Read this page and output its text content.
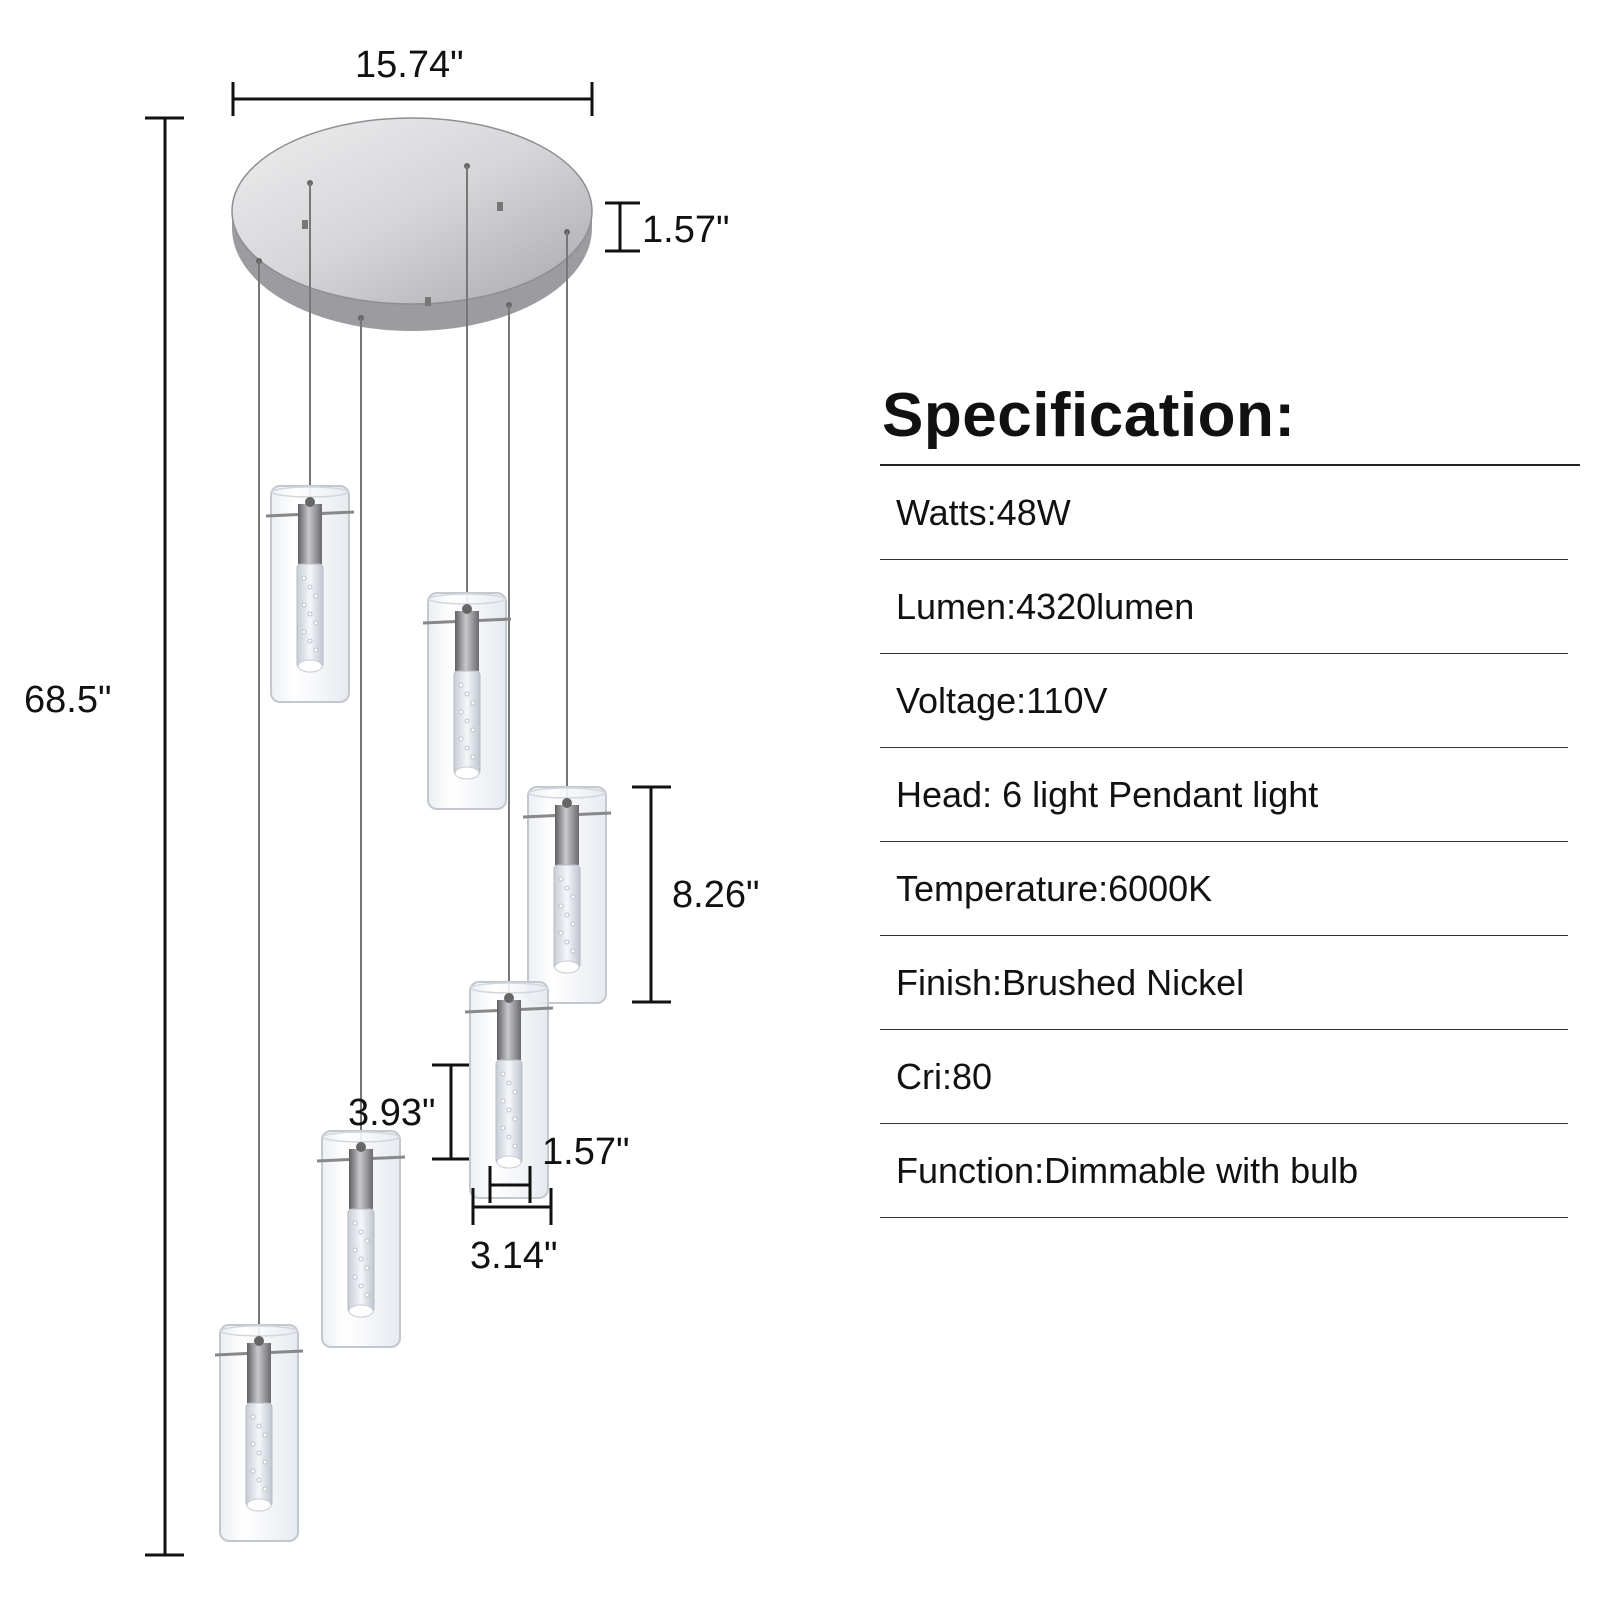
15.74"
1.57"
68.5"
8.26"
3.93"
1.57"
3.14"
Specification:
Watts:48W
Lumen:4320lumen
Voltage:110V
Head: 6 light Pendant light
Temperature:6000K
Finish:Brushed Nickel
Cri:80
Function:Dimmable with bulb
